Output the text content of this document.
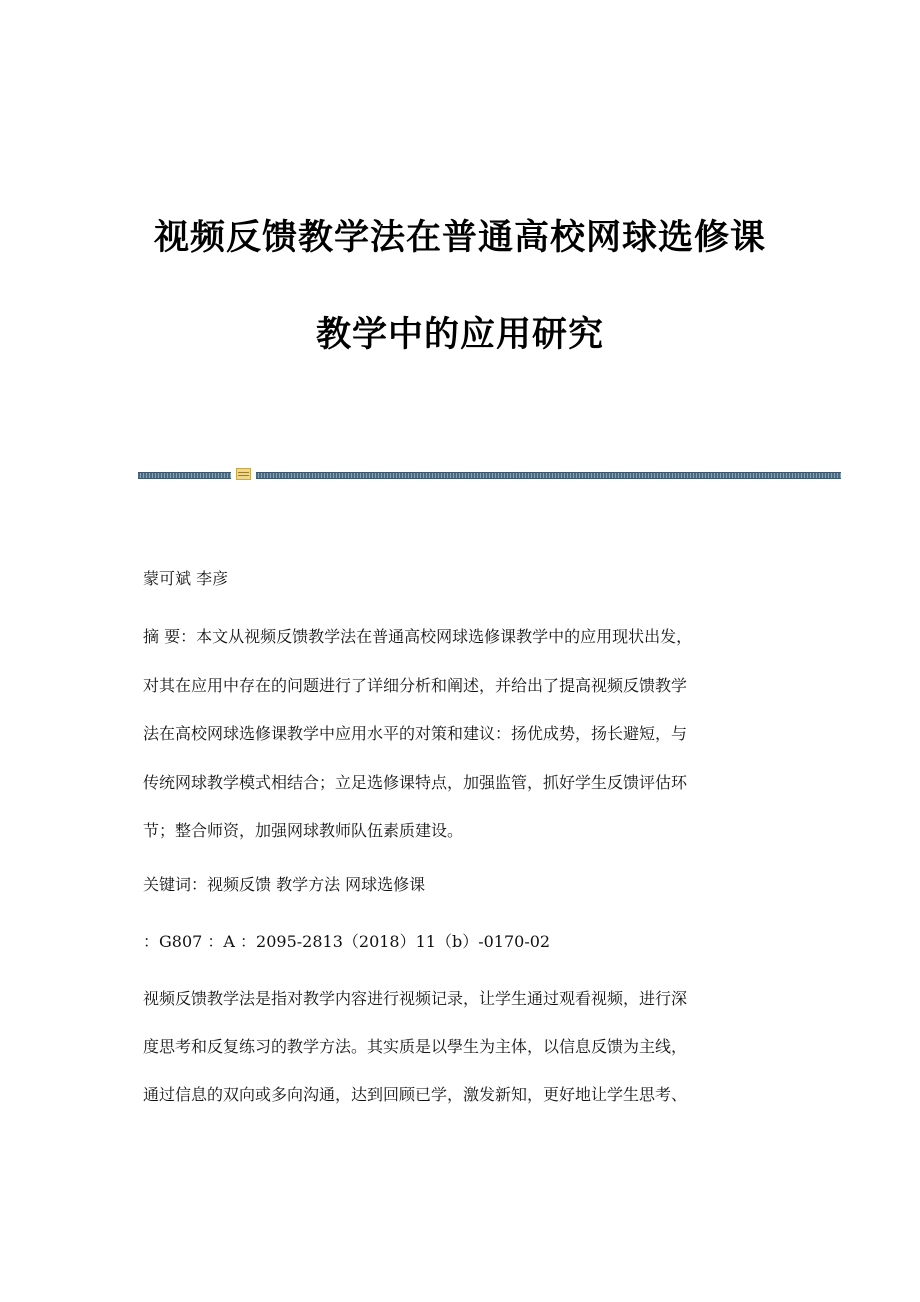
视频反馈教学法在普通高校网球选修课
教学中的应用研究

蒙可斌 李彦

摘 要：本文从视频反馈教学法在普通高校网球选修课教学中的应用现状出发，

对其在应用中存在的问题进行了详细分析和阐述，并给出了提高视频反馈教学

法在高校网球选修课教学中应用水平的对策和建议：扬优成势，扬长避短，与

传统网球教学模式相结合；立足选修课特点，加强监管，抓好学生反馈评估环

节；整合师资，加强网球教师队伍素质建设。

关键词：视频反馈 教学方法 网球选修课

：G807 ：A ：2095-2813（2018）11（b）-0170-02

视频反馈教学法是指对教学内容进行视频记录，让学生通过观看视频，进行深

度思考和反复练习的教学方法。其实质是以學生为主体，以信息反馈为主线，

通过信息的双向或多向沟通，达到回顾已学，激发新知，更好地让学生思考、
